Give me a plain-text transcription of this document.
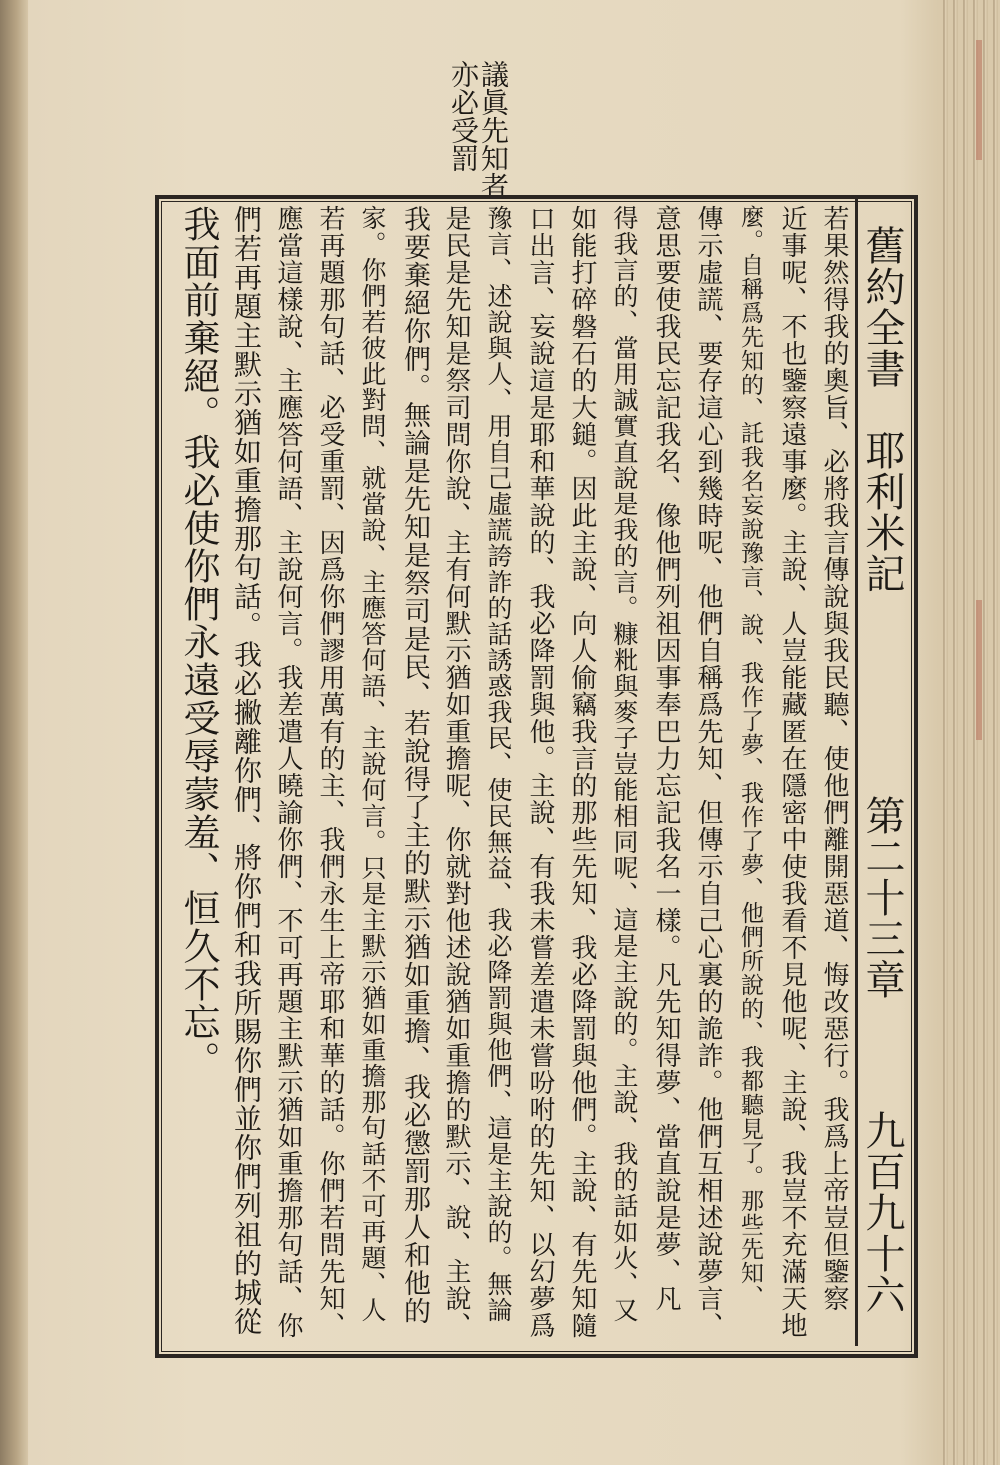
議眞先知者
亦必受罰
舊約全書　耶利米記
第二十三章
九百九十六
若果然得我的奧旨、必將我言傳說與我民聽、使他們離開惡道、悔改惡行。我爲上帝豈但鑒察
近事呢、不也鑒察遠事麼。主說、人豈能藏匿在隱密中使我看不見他呢、主說、我豈不充滿天地
麼。自稱爲先知的、託我名妄說豫言、說、我作了夢、我作了夢、他們所說的、我都聽見了。那些先知、
傳示虛謊、要存這心到幾時呢、他們自稱爲先知、但傳示自己心裏的詭詐。他們互相述說夢言、
意思要使我民忘記我名、像他們列祖因事奉巴力忘記我名一樣。凡先知得夢、當直說是夢、凡
得我言的、當用誠實直說是我的言。糠粃與麥子豈能相同呢、這是主說的。主說、我的話如火、又
如能打碎磐石的大鎚。因此主說、向人偷竊我言的那些先知、我必降罰與他們。主說、有先知隨
口出言、妄說這是耶和華說的、我必降罰與他。主說、有我未嘗差遣未嘗吩咐的先知、以幻夢爲
豫言、述說與人、用自己虛謊誇詐的話誘惑我民、使民無益、我必降罰與他們、這是主說的。無論
是民是先知是祭司問你說、主有何默示猶如重擔呢、你就對他述說猶如重擔的默示、說、主說、
我要棄絕你們。無論是先知是祭司是民、若說得了主的默示猶如重擔、我必懲罰那人和他的
家。你們若彼此對問、就當說、主應答何語、主說何言。只是主默示猶如重擔那句話不可再題、人
若再題那句話、必受重罰、因爲你們謬用萬有的主、我們永生上帝耶和華的話。你們若問先知、
應當這樣說、主應答何語、主說何言。我差遣人曉諭你們、不可再題主默示猶如重擔那句話、你
們若再題主默示猶如重擔那句話。我必撇離你們、將你們和我所賜你們並你們列祖的城從
我面前棄絕。我必使你們永遠受辱蒙羞、恒久不忘。
